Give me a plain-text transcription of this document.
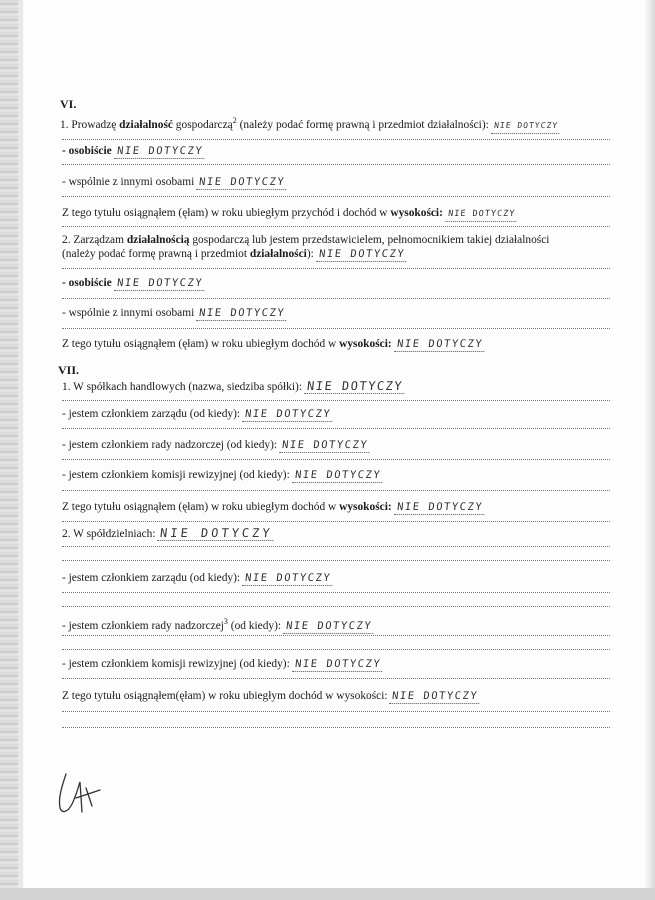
VI.
1. Prowadzę działalność gospodarczą$^2$ (należy podać formę prawną i przedmiot działalności): NIE DOTYCZY
- osobiście NIE DOTYCZY
- wspólnie z innymi osobami NIE DOTYCZY
Z tego tytułu osiągnąłem (ęłam) w roku ubiegłym przychód i dochód w wysokości: NIE DOTYCZY
2. Zarządzam działalnością gospodarczą lub jestem przedstawicielem, pełnomocnikiem takiej działalności
(należy podać formę prawną i przedmiot działalności): NIE DOTYCZY
- osobiście NIE DOTYCZY
- wspólnie z innymi osobami NIE DOTYCZY
Z tego tytułu osiągnąłem (ęłam) w roku ubiegłym dochód w wysokości: NIE DOTYCZY
VII.
1. W spółkach handlowych (nazwa, siedziba spółki): NIE DOTYCZY
- jestem członkiem zarządu (od kiedy): NIE DOTYCZY
- jestem członkiem rady nadzorczej (od kiedy): NIE DOTYCZY
- jestem członkiem komisji rewizyjnej (od kiedy): NIE DOTYCZY
Z tego tytułu osiągnąłem (ęłam) w roku ubiegłym dochód w wysokości: NIE DOTYCZY
2. W spółdzielniach: NIE DOTYCZY
- jestem członkiem zarządu (od kiedy): NIE DOTYCZY
- jestem członkiem rady nadzorczej$^3$ (od kiedy): NIE DOTYCZY
- jestem członkiem komisji rewizyjnej (od kiedy): NIE DOTYCZY
Z tego tytułu osiągnąłem(ęłam) w roku ubiegłym dochód w wysokości: NIE DOTYCZY
